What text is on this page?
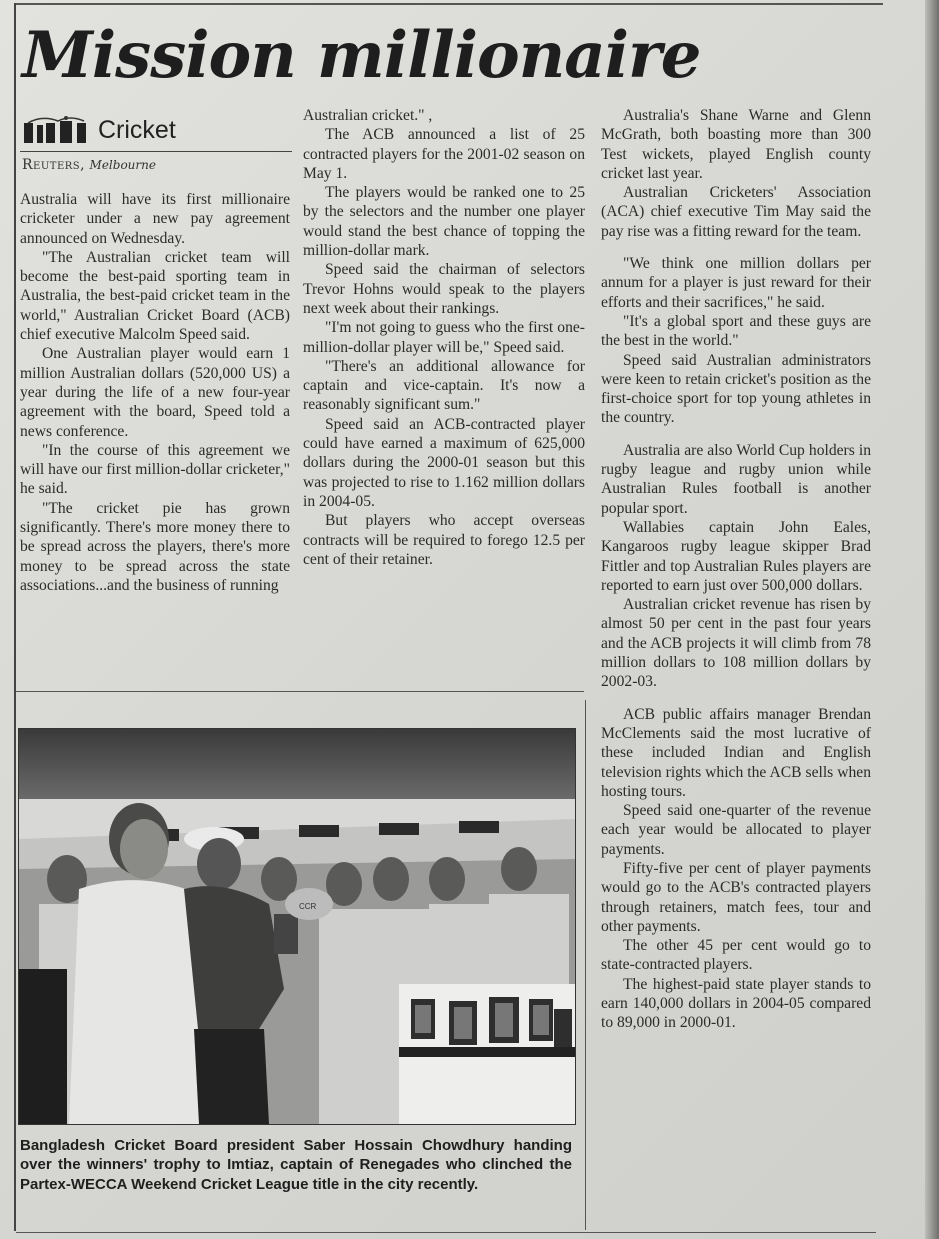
Mission millionaire
Cricket
Reuters, Melbourne

Australia will have its first millionaire cricketer under a new pay agreement announced on Wednesday.

"The Australian cricket team will become the best-paid sporting team in Australia, the best-paid cricket team in the world," Australian Cricket Board (ACB) chief executive Malcolm Speed said.

One Australian player would earn 1 million Australian dollars (520,000 US) a year during the life of a new four-year agreement with the board, Speed told a news conference.

"In the course of this agreement we will have our first million-dollar cricketer," he said.

"The cricket pie has grown significantly. There's more money there to be spread across the players, there's more money to be spread across the state associations...and the business of running

Australian cricket." ,

The ACB announced a list of 25 contracted players for the 2001-02 season on May 1.

The players would be ranked one to 25 by the selectors and the number one player would stand the best chance of topping the million-dollar mark.

Speed said the chairman of selectors Trevor Hohns would speak to the players next week about their rankings.

"I'm not going to guess who the first one-million-dollar player will be," Speed said.

"There's an additional allowance for captain and vice-captain. It's now a reasonably significant sum."

Speed said an ACB-contracted player could have earned a maximum of 625,000 dollars during the 2000-01 season but this was projected to rise to 1.162 million dollars in 2004-05.

But players who accept overseas contracts will be required to forego 12.5 per cent of their retainer.

Australia's Shane Warne and Glenn McGrath, both boasting more than 300 Test wickets, played English county cricket last year.

Australian Cricketers' Association (ACA) chief executive Tim May said the pay rise was a fitting reward for the team.

"We think one million dollars per annum for a player is just reward for their efforts and their sacrifices," he said.

"It's a global sport and these guys are the best in the world."

Speed said Australian administrators were keen to retain cricket's position as the first-choice sport for top young athletes in the country.

Australia are also World Cup holders in rugby league and rugby union while Australian Rules football is another popular sport.

Wallabies captain John Eales, Kangaroos rugby league skipper Brad Fittler and top Australian Rules players are reported to earn just over 500,000 dollars.

Australian cricket revenue has risen by almost 50 per cent in the past four years and the ACB projects it will climb from 78 million dollars to 108 million dollars by 2002-03.

ACB public affairs manager Brendan McClements said the most lucrative of these included Indian and English television rights which the ACB sells when hosting tours.

Speed said one-quarter of the revenue each year would be allocated to player payments.

Fifty-five per cent of player payments would go to the ACB's contracted players through retainers, match fees, tour and other payments.

The other 45 per cent would go to state-contracted players.

The highest-paid state player stands to earn 140,000 dollars in 2004-05 compared to 89,000 in 2000-01.

CCR
Bangladesh Cricket Board president Saber Hossain Chowdhury handing over the winners' trophy to Imtiaz, captain of Renegades who clinched the Partex-WECCA Weekend Cricket League title in the city recently.
